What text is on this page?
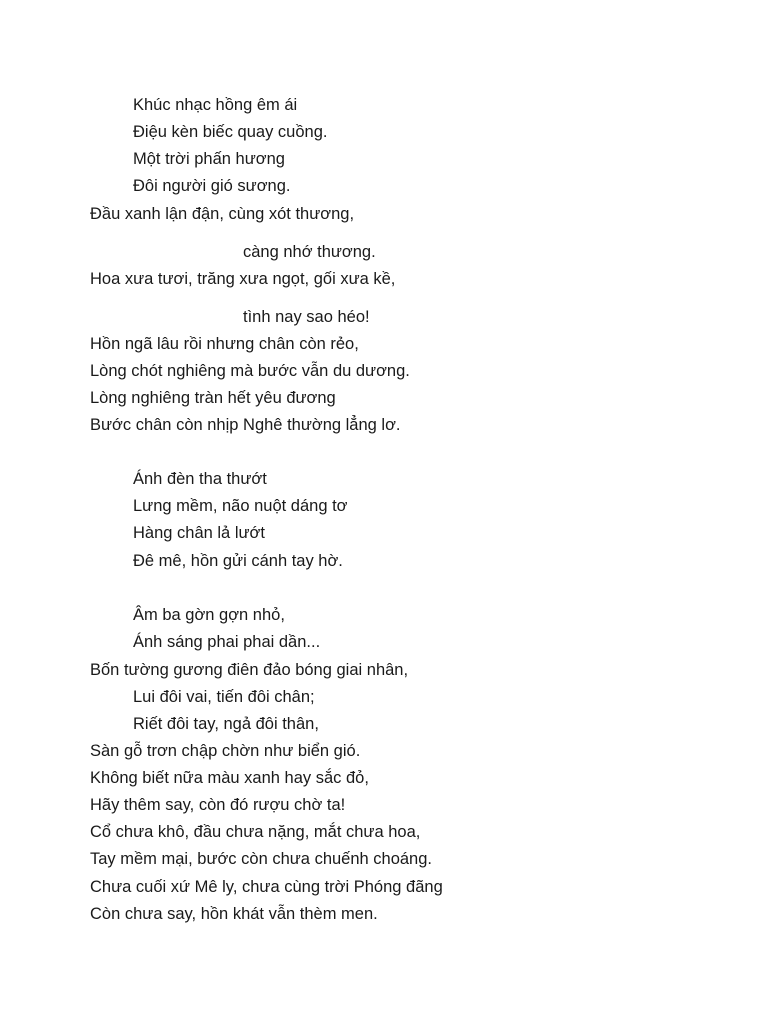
Khúc nhạc hồng êm ái
Điệu kèn biếc quay cuồng.
Một trời phấn hương
Đôi người gió sương.
Đầu xanh lận đận, cùng xót thương,
càng nhớ thương.
Hoa xưa tươi, trăng xưa ngọt, gối xưa kề,
tình nay sao héo!
Hồn ngã lâu rồi nhưng chân còn rẻo,
Lòng chót nghiêng mà bước vẫn du dương.
Lòng nghiêng tràn hết yêu đương
Bước chân còn nhịp Nghê thường lẳng lơ.
Ánh đèn tha thướt
Lưng mềm, não nuột dáng tơ
Hàng chân lả lướt
Đê mê, hồn gửi cánh tay hờ.
Âm ba gờn gợn nhỏ,
Ánh sáng phai phai dần...
Bốn tường gương điên đảo bóng giai nhân,
Lui đôi vai, tiến đôi chân;
Riết đôi tay, ngả đôi thân,
Sàn gỗ trơn chập chờn như biển gió.
Không biết nữa màu xanh hay sắc đỏ,
Hãy thêm say, còn đó rượu chờ ta!
Cổ chưa khô, đầu chưa nặng, mắt chưa hoa,
Tay mềm mại, bước còn chưa chuếnh choáng.
Chưa cuối xứ Mê ly, chưa cùng trời Phóng đãng
Còn chưa say, hồn khát vẫn thèm men.
